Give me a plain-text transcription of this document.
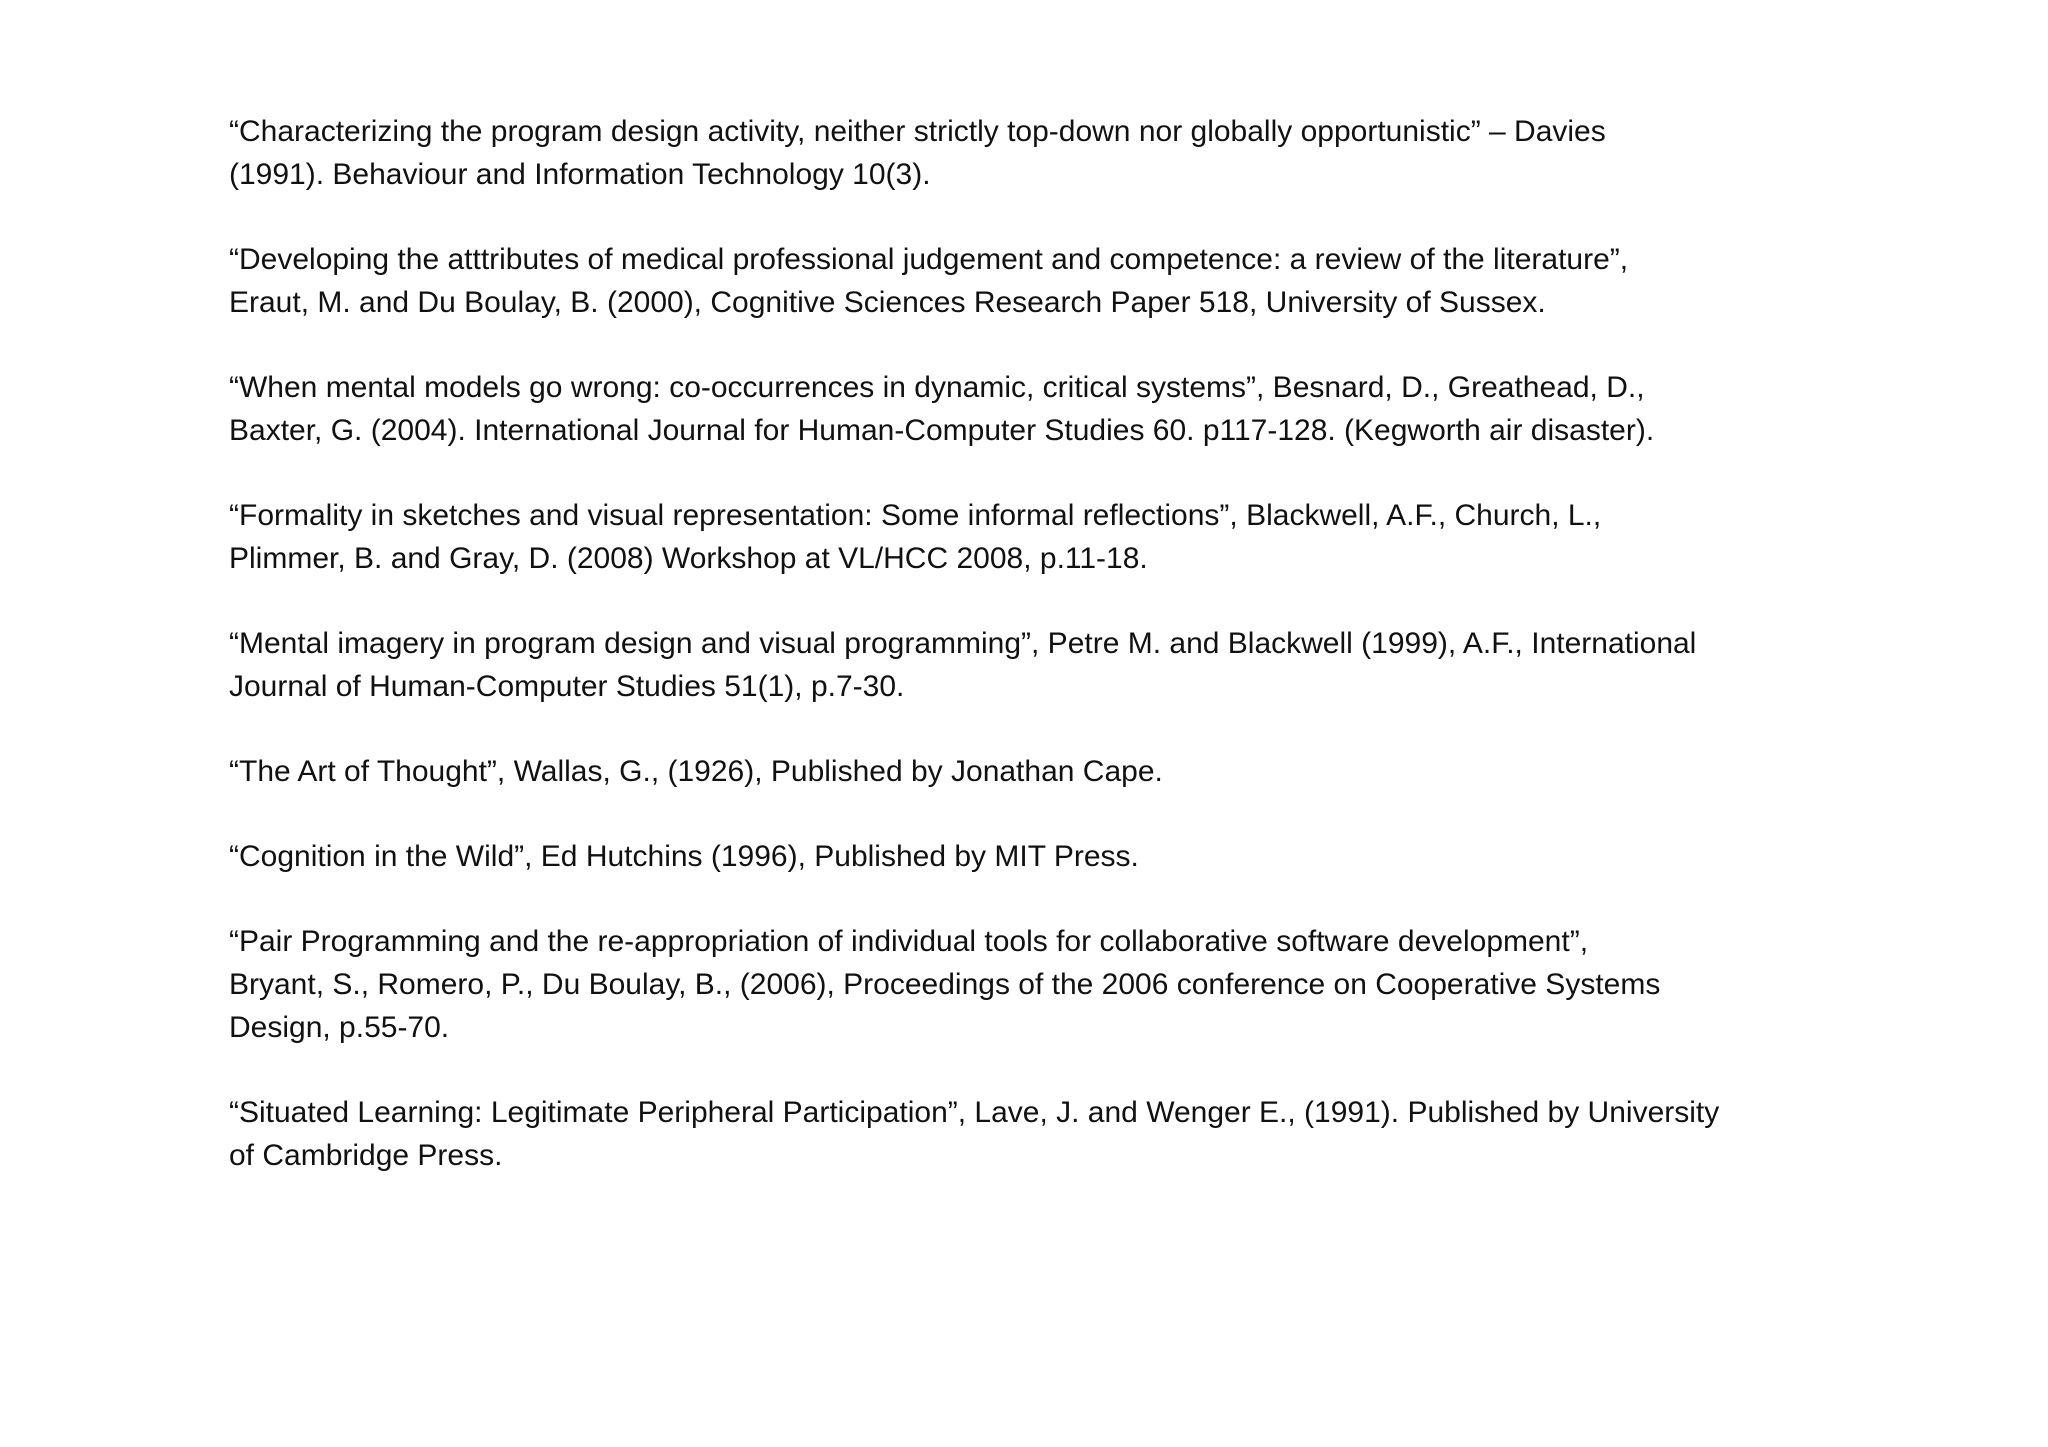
“Characterizing the program design activity, neither strictly top-down nor globally opportunistic” – Davies
(1991). Behaviour and Information Technology 10(3).
“Developing the atttributes of medical professional judgement and competence: a review of the literature”,
Eraut, M. and Du Boulay, B. (2000), Cognitive Sciences Research Paper 518, University of Sussex.
“When mental models go wrong: co-occurrences in dynamic, critical systems”, Besnard, D., Greathead, D.,
Baxter, G. (2004). International Journal for Human-Computer Studies 60. p117-128. (Kegworth air disaster).
“Formality in sketches and visual representation: Some informal reflections”, Blackwell, A.F., Church, L.,
Plimmer, B. and Gray, D. (2008) Workshop at VL/HCC 2008, p.11-18.
“Mental imagery in program design and visual programming”, Petre M. and Blackwell (1999), A.F., International
Journal of Human-Computer Studies 51(1), p.7-30.
“The Art of Thought”, Wallas, G., (1926), Published by Jonathan Cape.
“Cognition in the Wild”, Ed Hutchins (1996), Published by MIT Press.
“Pair Programming and the re-appropriation of individual tools for collaborative software development”,
Bryant, S., Romero, P., Du Boulay, B., (2006), Proceedings of the 2006 conference on Cooperative Systems
Design, p.55-70.
“Situated Learning: Legitimate Peripheral Participation”, Lave, J. and Wenger E., (1991). Published by University
of Cambridge Press.
